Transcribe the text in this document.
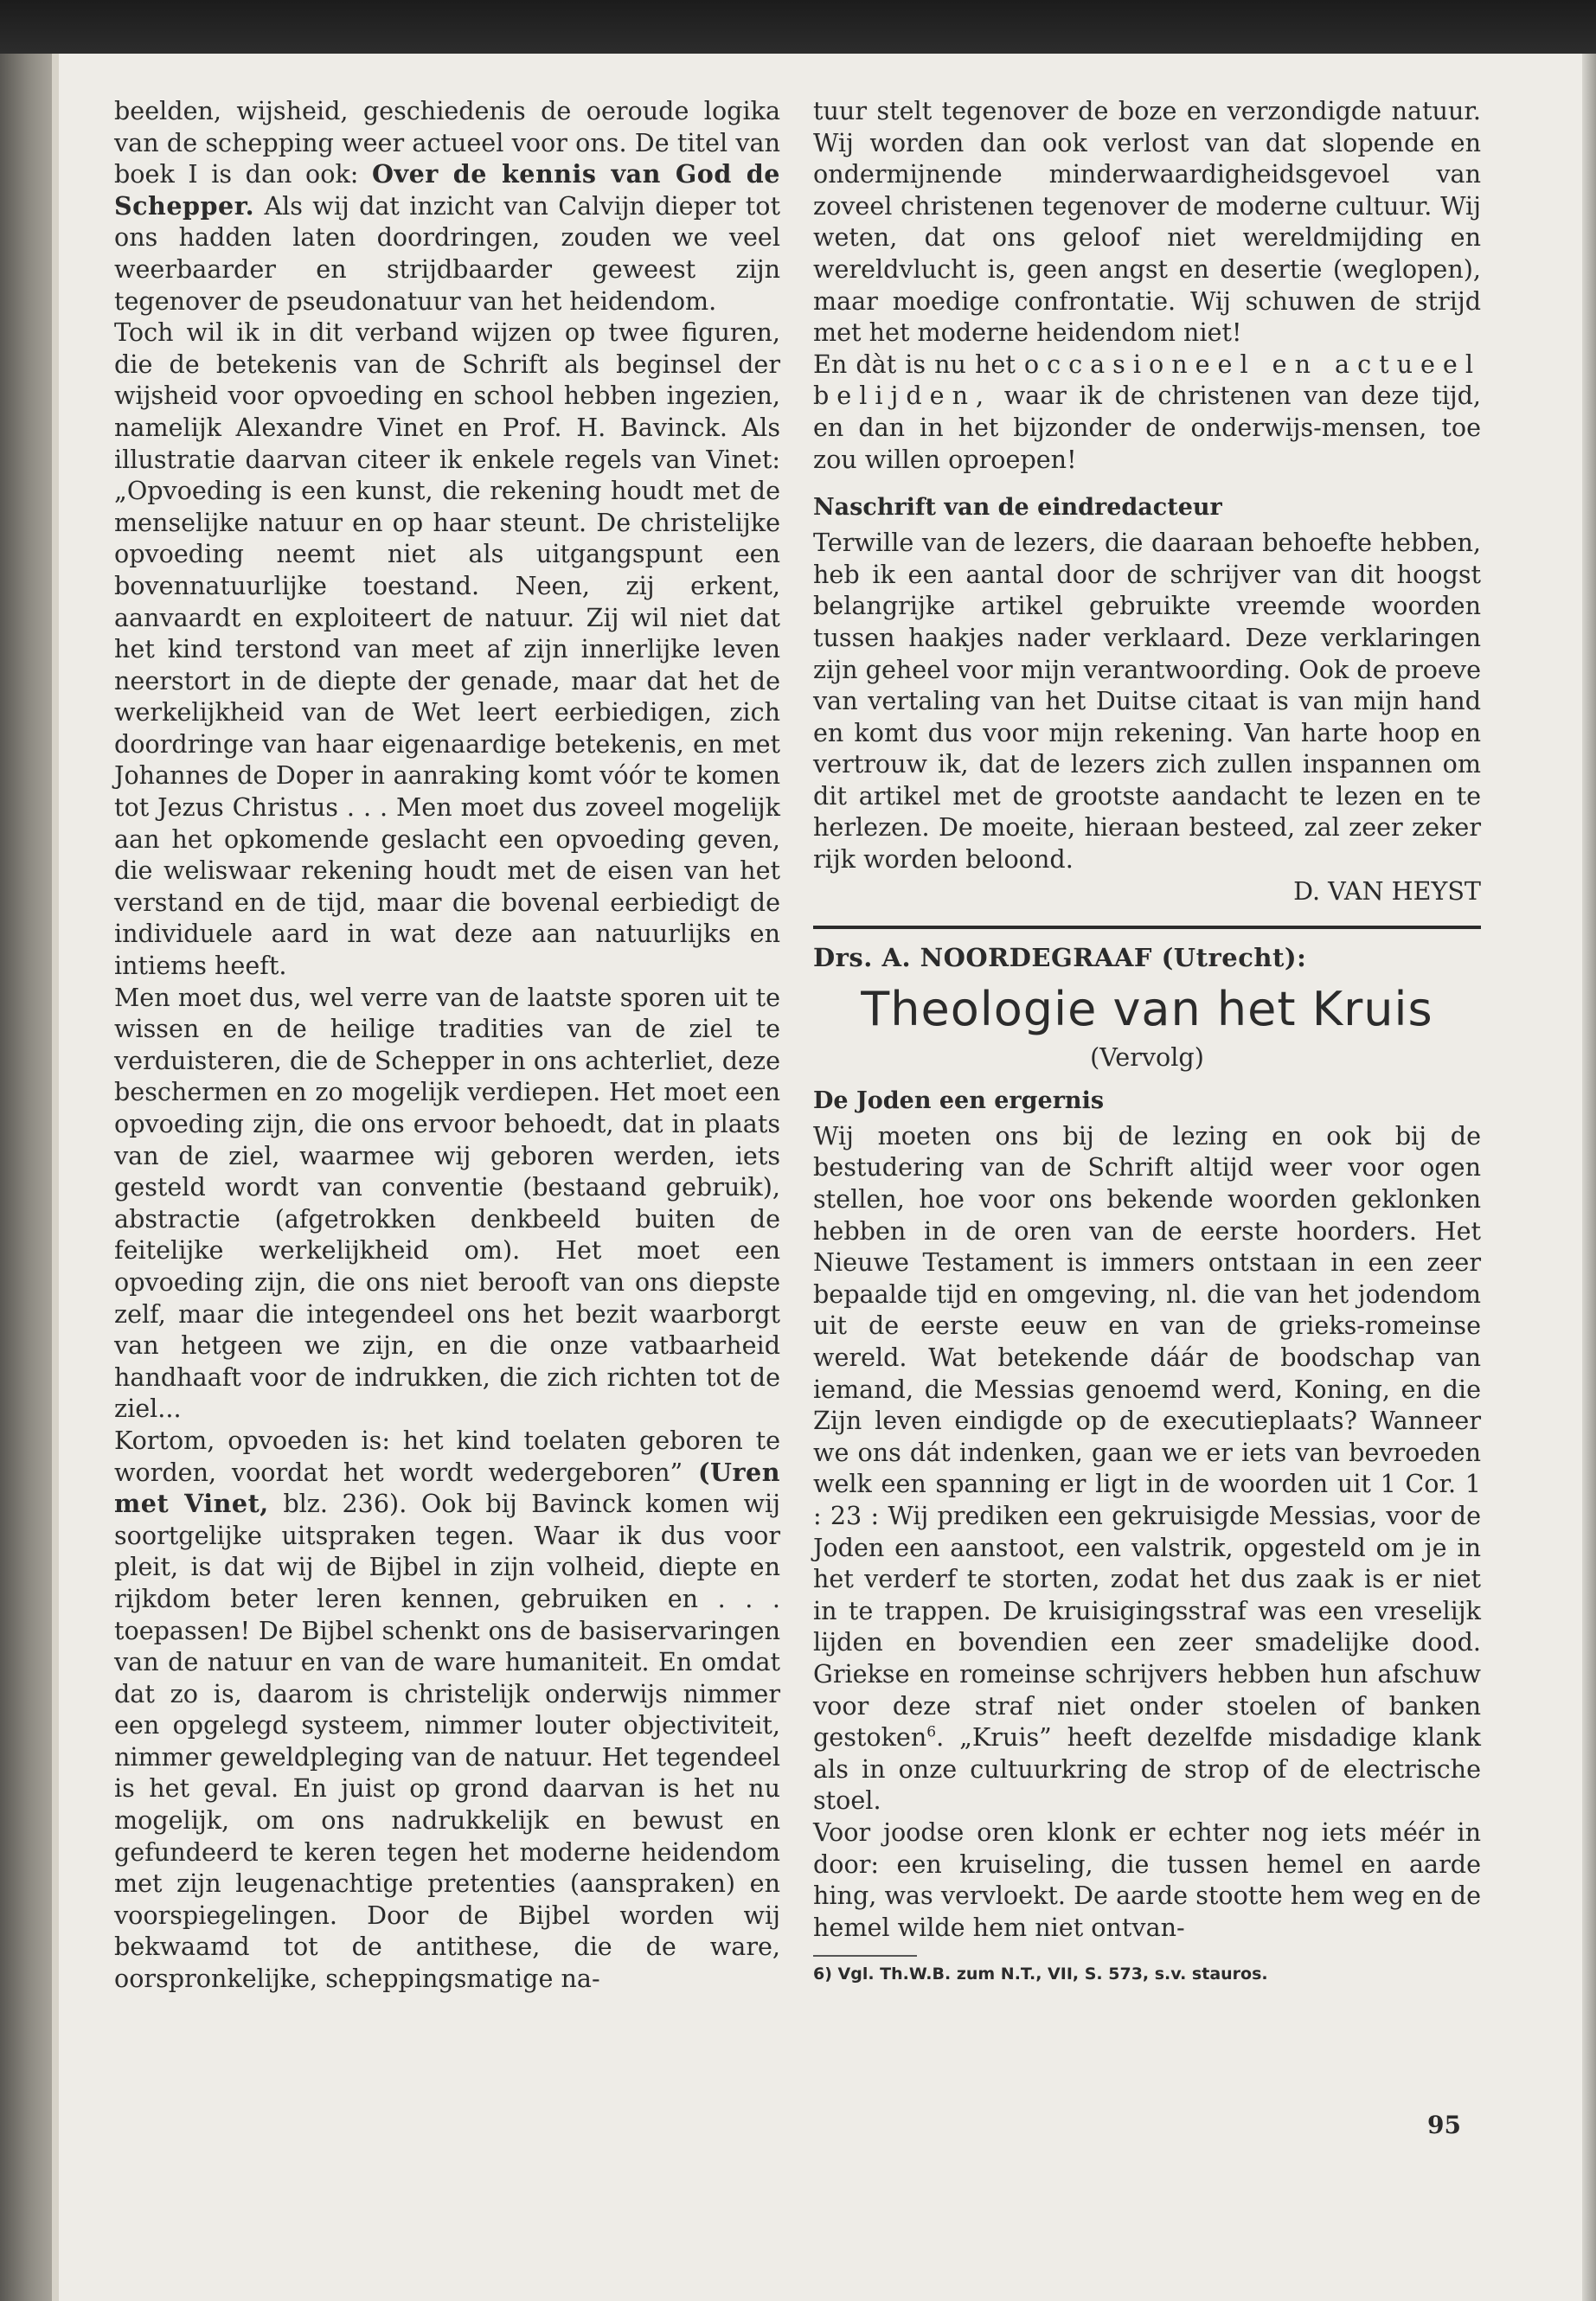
beelden, wijsheid, geschiedenis de oeroude logika van de schepping weer actueel voor ons. De titel van boek I is dan ook: Over de kennis van God de Schepper. Als wij dat inzicht van Calvijn dieper tot ons hadden laten doordringen, zouden we veel weerbaarder en strijdbaarder geweest zijn tegenover de pseudonatuur van het heidendom.

Toch wil ik in dit verband wijzen op twee figuren, die de betekenis van de Schrift als beginsel der wijsheid voor opvoeding en school hebben ingezien, namelijk Alexandre Vinet en Prof. H. Bavinck. Als illustratie daarvan citeer ik enkele regels van Vinet: „Opvoeding is een kunst, die rekening houdt met de menselijke natuur en op haar steunt. De christelijke opvoeding neemt niet als uitgangspunt een bovennatuurlijke toestand. Neen, zij erkent, aanvaardt en exploiteert de natuur. Zij wil niet dat het kind terstond van meet af zijn innerlijke leven neerstort in de diepte der genade, maar dat het de werkelijkheid van de Wet leert eerbiedigen, zich doordringe van haar eigenaardige betekenis, en met Johannes de Doper in aanraking komt vóór te komen tot Jezus Christus . . . Men moet dus zoveel mogelijk aan het opkomende geslacht een opvoeding geven, die weliswaar rekening houdt met de eisen van het verstand en de tijd, maar die bovenal eerbiedigt de individuele aard in wat deze aan natuurlijks en intiems heeft.

Men moet dus, wel verre van de laatste sporen uit te wissen en de heilige tradities van de ziel te verduisteren, die de Schepper in ons achterliet, deze beschermen en zo mogelijk verdiepen. Het moet een opvoeding zijn, die ons ervoor behoedt, dat in plaats van de ziel, waarmee wij geboren werden, iets gesteld wordt van conventie (bestaand gebruik), abstractie (afgetrokken denkbeeld buiten de feitelijke werkelijkheid om). Het moet een opvoeding zijn, die ons niet berooft van ons diepste zelf, maar die integendeel ons het bezit waarborgt van hetgeen we zijn, en die onze vatbaarheid handhaaft voor de indrukken, die zich richten tot de ziel...

Kortom, opvoeden is: het kind toelaten geboren te worden, voordat het wordt wedergeboren” (Uren met Vinet, blz. 236). Ook bij Bavinck komen wij soortgelijke uitspraken tegen. Waar ik dus voor pleit, is dat wij de Bijbel in zijn volheid, diepte en rijkdom beter leren kennen, gebruiken en . . . toepassen! De Bijbel schenkt ons de basiservaringen van de natuur en van de ware humaniteit. En omdat dat zo is, daarom is christelijk onderwijs nimmer een opgelegd systeem, nimmer louter objectiviteit, nimmer geweldpleging van de natuur. Het tegendeel is het geval. En juist op grond daarvan is het nu mogelijk, om ons nadrukkelijk en bewust en gefundeerd te keren tegen het moderne heidendom met zijn leugenachtige pretenties (aanspraken) en voorspiegelingen. Door de Bijbel worden wij bekwaamd tot de antithese, die de ware, oorspronkelijke, scheppingsmatige na-

tuur stelt tegenover de boze en verzondigde natuur. Wij worden dan ook verlost van dat slopende en ondermijnende minderwaardigheidsgevoel van zoveel christenen tegenover de moderne cultuur. Wij weten, dat ons geloof niet wereldmijding en wereldvlucht is, geen angst en desertie (weglopen), maar moedige confrontatie. Wij schuwen de strijd met het moderne heidendom niet!

En dàt is nu het occasioneel en actueel belijden, waar ik de christenen van deze tijd, en dan in het bijzonder de onderwijs-mensen, toe zou willen oproepen!

Naschrift van de eindredacteur

Terwille van de lezers, die daaraan behoefte hebben, heb ik een aantal door de schrijver van dit hoogst belangrijke artikel gebruikte vreemde woorden tussen haakjes nader verklaard. Deze verklaringen zijn geheel voor mijn verantwoording. Ook de proeve van vertaling van het Duitse citaat is van mijn hand en komt dus voor mijn rekening. Van harte hoop en vertrouw ik, dat de lezers zich zullen inspannen om dit artikel met de grootste aandacht te lezen en te herlezen. De moeite, hieraan besteed, zal zeer zeker rijk worden beloond.

D. VAN HEYST
Drs. A. NOORDEGRAAF (Utrecht):
Theologie van het Kruis
(Vervolg)
De Joden een ergernis

Wij moeten ons bij de lezing en ook bij de bestudering van de Schrift altijd weer voor ogen stellen, hoe voor ons bekende woorden geklonken hebben in de oren van de eerste hoorders. Het Nieuwe Testament is immers ontstaan in een zeer bepaalde tijd en omgeving, nl. die van het jodendom uit de eerste eeuw en van de grieks-romeinse wereld. Wat betekende dáár de boodschap van iemand, die Messias genoemd werd, Koning, en die Zijn leven eindigde op de executieplaats? Wanneer we ons dát indenken, gaan we er iets van bevroeden welk een spanning er ligt in de woorden uit 1 Cor. 1 : 23 : Wij prediken een gekruisigde Messias, voor de Joden een aanstoot, een valstrik, opgesteld om je in het verderf te storten, zodat het dus zaak is er niet in te trappen. De kruisigingsstraf was een vreselijk lijden en bovendien een zeer smadelijke dood. Griekse en romeinse schrijvers hebben hun afschuw voor deze straf niet onder stoelen of banken gestoken$^6$. „Kruis” heeft dezelfde misdadige klank als in onze cultuurkring de strop of de electrische stoel.

Voor joodse oren klonk er echter nog iets méér in door: een kruiseling, die tussen hemel en aarde hing, was vervloekt. De aarde stootte hem weg en de hemel wilde hem niet ontvan-

6) Vgl. Th.W.B. zum N.T., VII, S. 573, s.v. stauros.
95
